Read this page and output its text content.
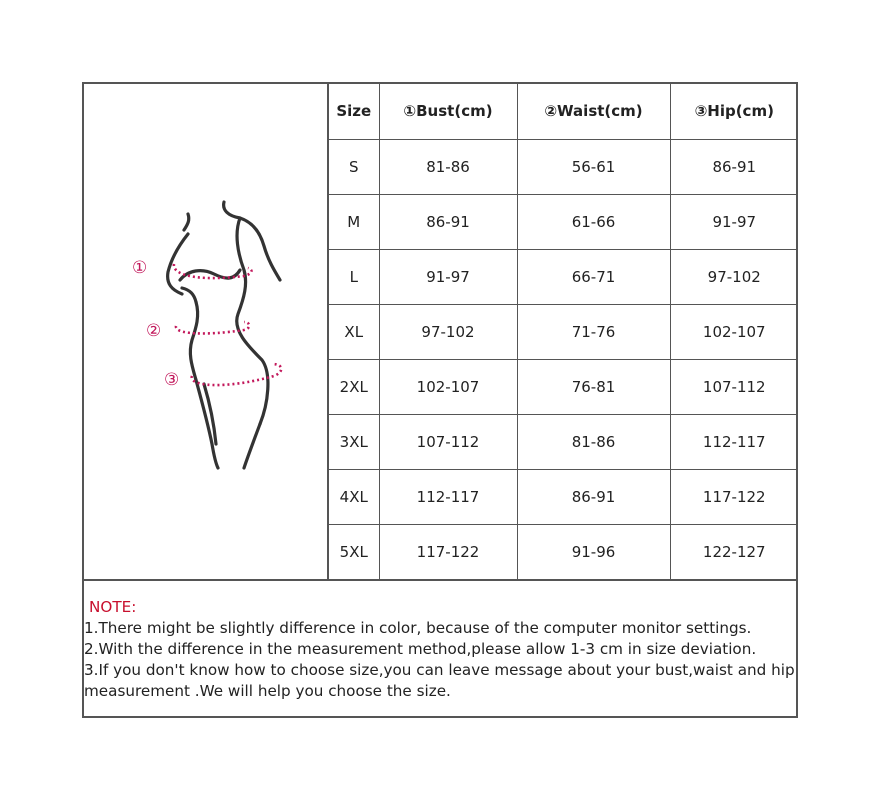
①
②
③
Size	①Bust(cm)	②Waist(cm)	③Hip(cm)
S	81-86	56-61	86-91
M	86-91	61-66	91-97
L	91-97	66-71	97-102
XL	97-102	71-76	102-107
2XL	102-107	76-81	107-112
3XL	107-112	81-86	112-117
4XL	112-117	86-91	117-122
5XL	117-122	91-96	122-127
NOTE:
1.There might be slightly difference in color, because of the computer monitor settings.
2.With the difference in the measurement method,please allow 1-3 cm in size deviation.
3.If you don't know how to choose size,you can leave message about your bust,waist and hip
measurement .We will help you choose the size.
